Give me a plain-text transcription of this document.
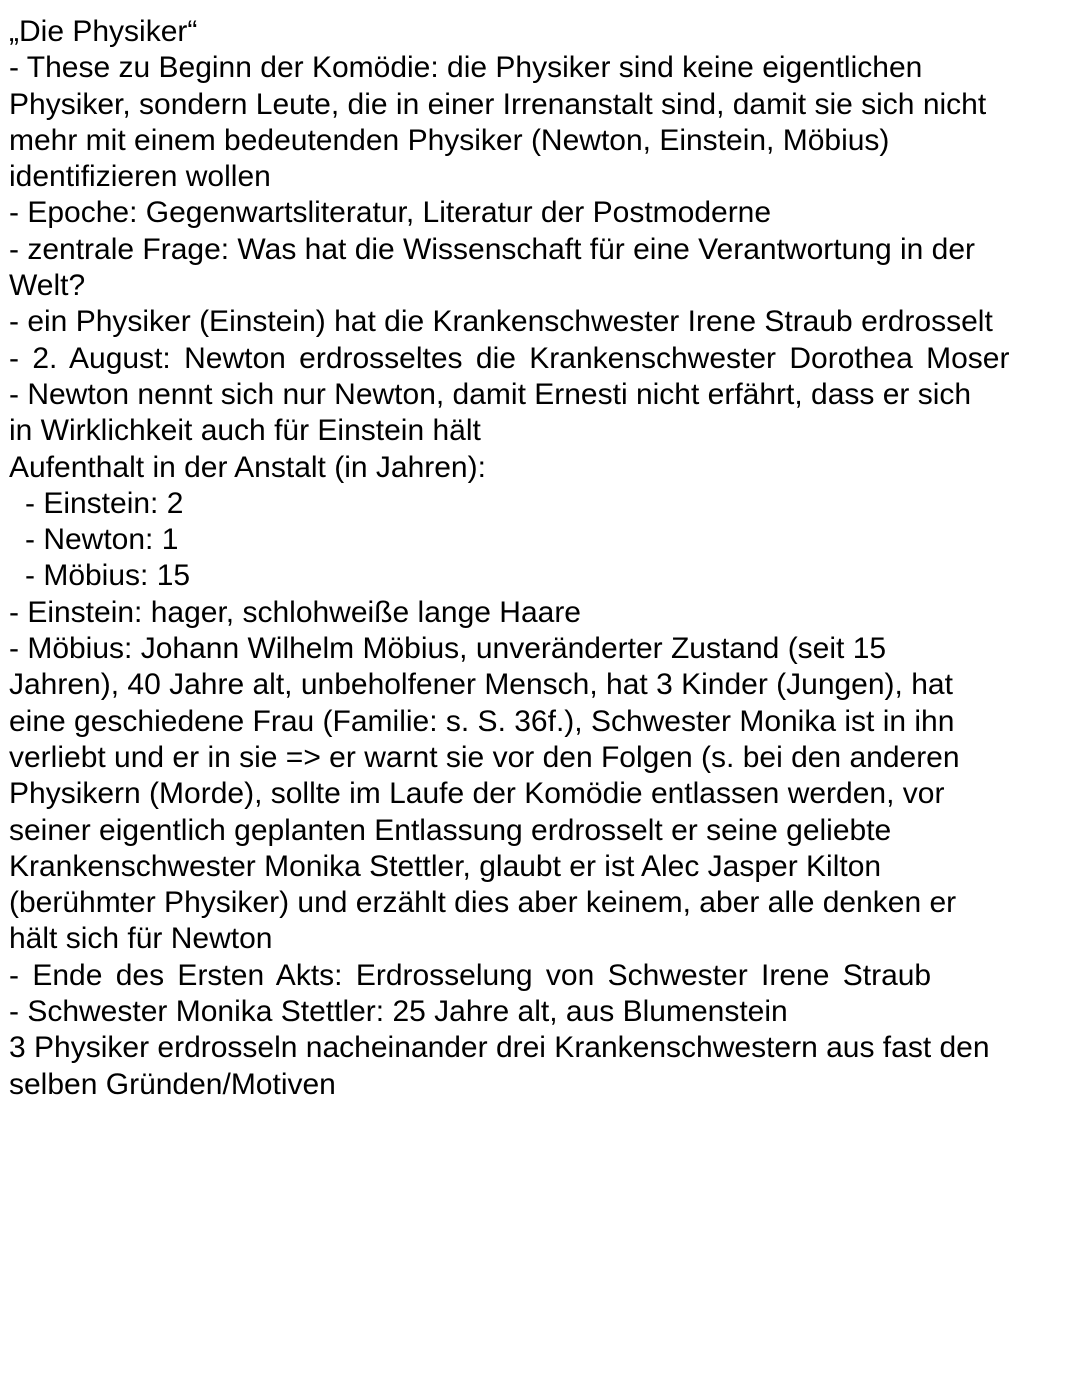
„Die Physiker“
- These zu Beginn der Komödie: die Physiker sind keine eigentlichen
Physiker, sondern Leute, die in einer Irrenanstalt sind, damit sie sich nicht
mehr mit einem bedeutenden Physiker (Newton, Einstein, Möbius)
identifizieren wollen
- Epoche: Gegenwartsliteratur, Literatur der Postmoderne
- zentrale Frage: Was hat die Wissenschaft für eine Verantwortung in der
Welt?
- ein Physiker (Einstein) hat die Krankenschwester Irene Straub erdrosselt
- 2. August: Newton erdrosseltes die Krankenschwester Dorothea Moser
- Newton nennt sich nur Newton, damit Ernesti nicht erfährt, dass er sich
in Wirklichkeit auch für Einstein hält
Aufenthalt in der Anstalt (in Jahren):
- Einstein: 2
- Newton: 1
- Möbius: 15
- Einstein: hager, schlohweiße lange Haare
- Möbius: Johann Wilhelm Möbius, unveränderter Zustand (seit 15
Jahren), 40 Jahre alt, unbeholfener Mensch, hat 3 Kinder (Jungen), hat
eine geschiedene Frau (Familie: s. S. 36f.), Schwester Monika ist in ihn
verliebt und er in sie => er warnt sie vor den Folgen (s. bei den anderen
Physikern (Morde), sollte im Laufe der Komödie entlassen werden, vor
seiner eigentlich geplanten Entlassung erdrosselt er seine geliebte
Krankenschwester Monika Stettler, glaubt er ist Alec Jasper Kilton
(berühmter Physiker) und erzählt dies aber keinem, aber alle denken er
hält sich für Newton
- Ende des Ersten Akts: Erdrosselung von Schwester Irene Straub
- Schwester Monika Stettler: 25 Jahre alt, aus Blumenstein
3 Physiker erdrosseln nacheinander drei Krankenschwestern aus fast den
selben Gründen/Motiven
